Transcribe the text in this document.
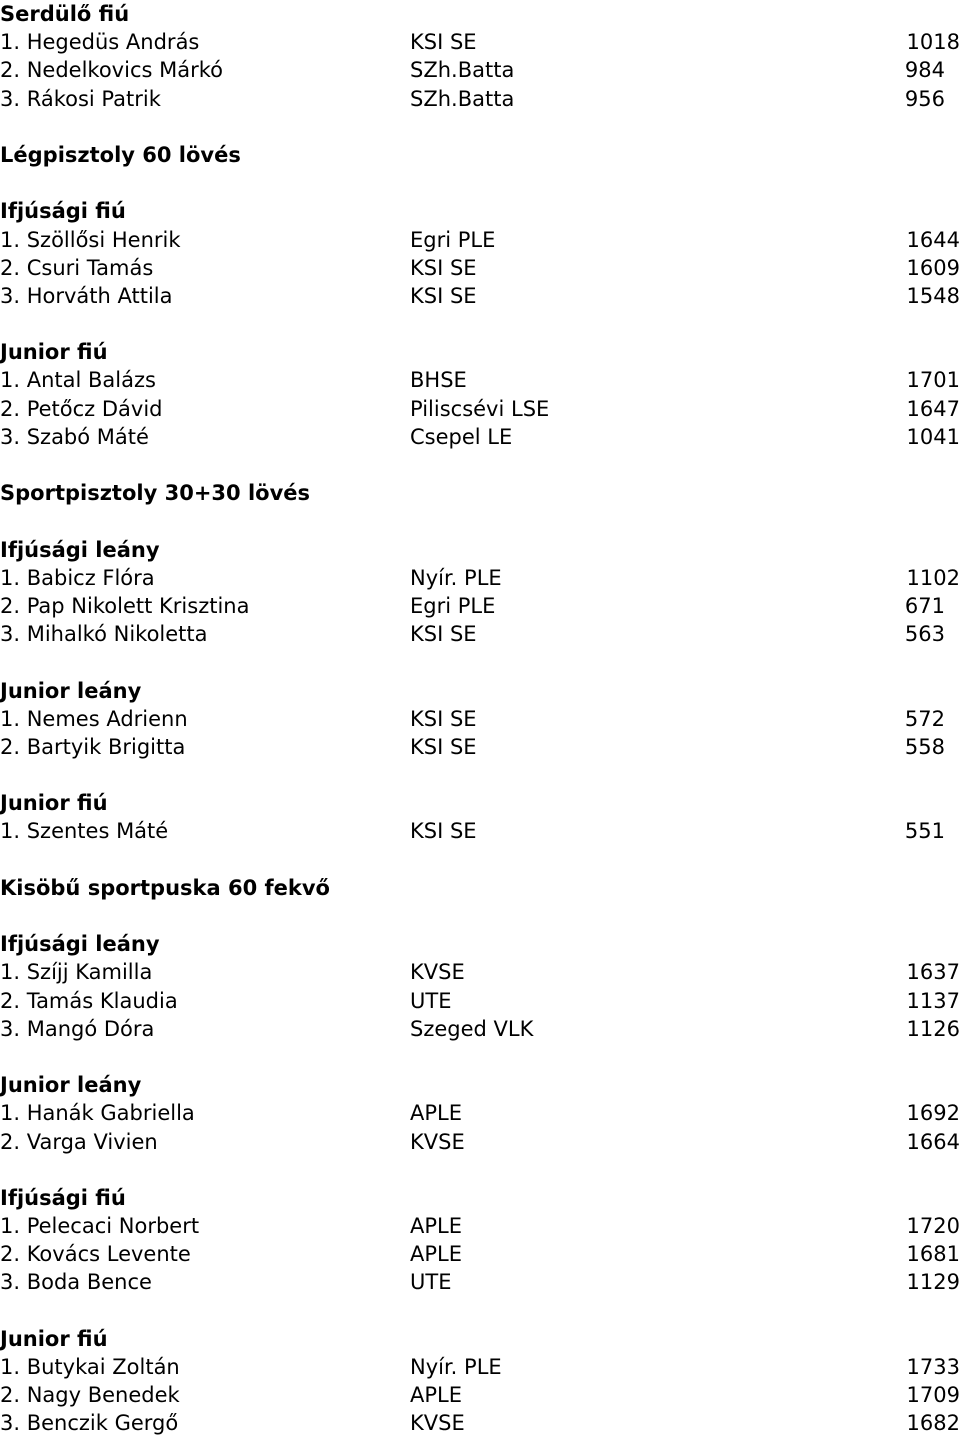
Serdülő fiú
1. Hegedüs András	KSI SE	1018
2. Nedelkovics Márkó	SZh.Batta	984
3. Rákosi Patrik	SZh.Batta	956
Légpisztoly 60 lövés
Ifjúsági fiú
1. Szöllősi Henrik	Egri PLE	1644
2. Csuri Tamás	KSI SE	1609
3. Horváth Attila	KSI SE	1548
Junior fiú
1. Antal Balázs	BHSE	1701
2. Petőcz Dávid	Piliscsévi LSE	1647
3. Szabó Máté	Csepel LE	1041
Sportpisztoly 30+30 lövés
Ifjúsági leány
1. Babicz Flóra	Nyír. PLE	1102
2. Pap Nikolett Krisztina	Egri PLE	671
3. Mihalkó Nikoletta	KSI SE	563
Junior leány
1. Nemes Adrienn	KSI SE	572
2. Bartyik Brigitta	KSI SE	558
Junior fiú
1. Szentes Máté	KSI SE	551
Kisöbű sportpuska 60 fekvő
Ifjúsági leány
1. Szíjj Kamilla	KVSE	1637
2. Tamás Klaudia	UTE	1137
3. Mangó Dóra	Szeged VLK	1126
Junior leány
1. Hanák Gabriella	APLE	1692
2. Varga Vivien	KVSE	1664
Ifjúsági fiú
1. Pelecaci Norbert	APLE	1720
2. Kovács Levente	APLE	1681
3. Boda Bence	UTE	1129
Junior fiú
1. Butykai Zoltán	Nyír. PLE	1733
2. Nagy Benedek	APLE	1709
3. Benczik Gergő	KVSE	1682
